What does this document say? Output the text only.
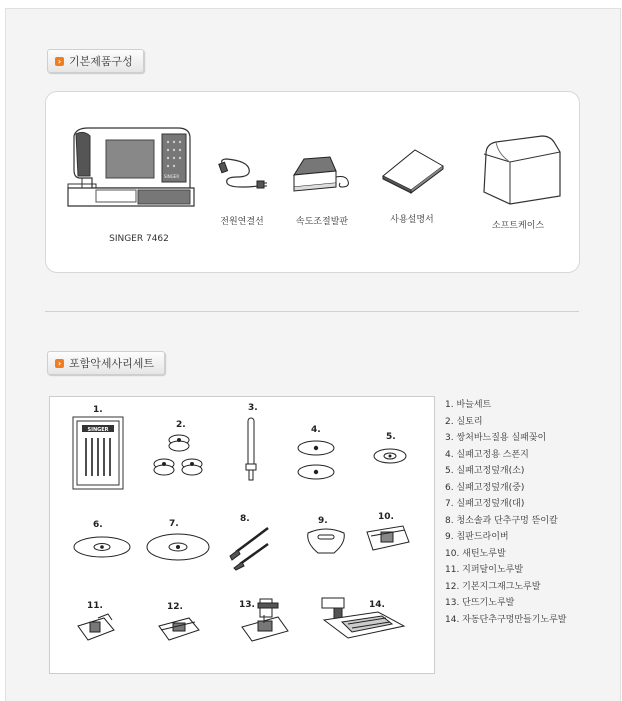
› 기본제품구성
SINGER
SINGER 7462
전원연결선	속도조절발판	사용설명서
소프트케이스
› 포함악세사리세트
1.
2.
3.
4.
5.
6.	7.	8.	9.	10.
11.	12.	13.	14.
SINGER
1. 바늘세트
2. 실토리
3. 쌍처바느질용 실패꽂이
4. 실패고정용 스폰지
5. 실패고정덮개(소)
6. 실패고정덮개(중)
7. 실패고정덮개(대)
8. 청소솔과 단추구멍 뜯이칼
9. 침판드라이버
10. 새틴노루발
11. 지퍼달이노루발
12. 기본지그재그노루발
13. 단뜨기노루발
14. 자동단추구멍만들기노루발
